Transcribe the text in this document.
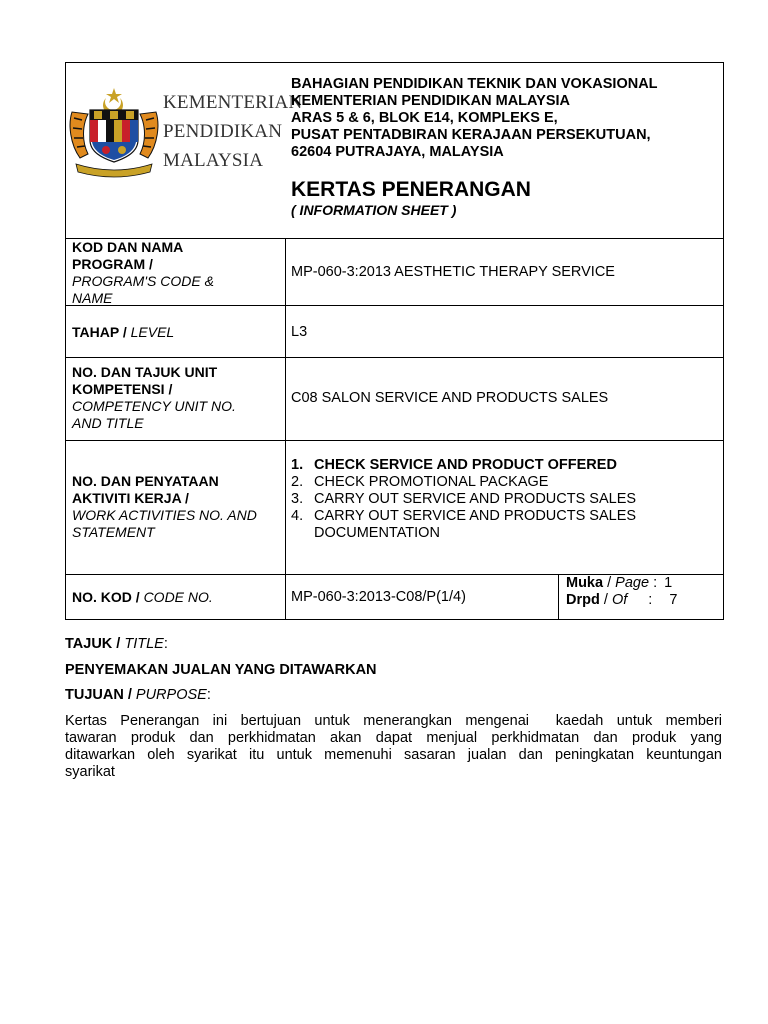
KEMENTERIAN
PENDIDIKAN
MALAYSIA
BAHAGIAN PENDIDIKAN TEKNIK DAN VOKASIONAL
KEMENTERIAN PENDIDIKAN MALAYSIA
ARAS 5 & 6, BLOK E14, KOMPLEKS E,
PUSAT PENTADBIRAN KERAJAAN PERSEKUTUAN,
62604 PUTRAJAYA, MALAYSIA
KERTAS PENERANGAN
( INFORMATION SHEET )
KOD DAN NAMA PROGRAM /
PROGRAM'S CODE & NAME
MP-060-3:2013 AESTHETIC THERAPY SERVICE
TAHAP / LEVEL	L3
NO. DAN TAJUK UNIT KOMPETENSI /
COMPETENCY UNIT NO. AND TITLE
C08 SALON SERVICE AND PRODUCTS SALES
NO. DAN PENYATAAN AKTIVITI KERJA /
WORK ACTIVITIES NO. AND STATEMENT
1. CHECK SERVICE AND PRODUCT OFFERED
2. CHECK PROMOTIONAL PACKAGE
3. CARRY OUT SERVICE AND PRODUCTS SALES
4. CARRY OUT SERVICE AND PRODUCTS SALES DOCUMENTATION
NO. KOD / CODE NO.	MP-060-3:2013-C08/P(1/4)
Muka / Page : 1
Drpd / Of : 7
TAJUK / TITLE:
PENYEMAKAN JUALAN YANG DITAWARKAN
TUJUAN / PURPOSE:
Kertas Penerangan ini bertujuan untuk menerangkan mengenai  kaedah untuk memberi
tawaran produk dan perkhidmatan akan dapat menjual perkhidmatan dan produk yang
ditawarkan oleh syarikat itu untuk memenuhi sasaran jualan dan peningkatan keuntungan
syarikat
